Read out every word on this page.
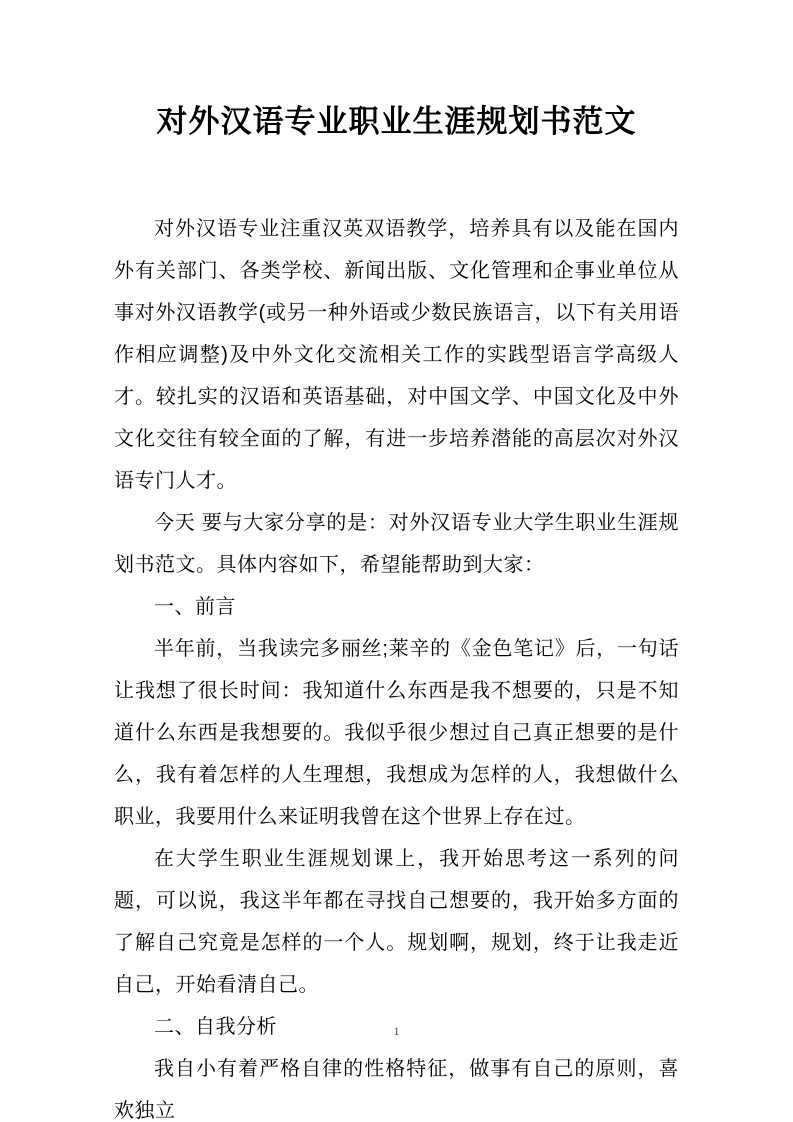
对外汉语专业职业生涯规划书范文

对外汉语专业注重汉英双语教学，培养具有以及能在国内外有关部门、各类学校、新闻出版、文化管理和企事业单位从事对外汉语教学(或另一种外语或少数民族语言，以下有关用语作相应调整)及中外文化交流相关工作的实践型语言学高级人才。较扎实的汉语和英语基础，对中国文学、中国文化及中外文化交往有较全面的了解，有进一步培养潜能的高层次对外汉语专门人才。

今天 要与大家分享的是：对外汉语专业大学生职业生涯规划书范文。具体内容如下，希望能帮助到大家：

一、前言

半年前，当我读完多丽丝;莱辛的《金色笔记》后，一句话让我想了很长时间：我知道什么东西是我不想要的，只是不知道什么东西是我想要的。我似乎很少想过自己真正想要的是什么，我有着怎样的人生理想，我想成为怎样的人，我想做什么职业，我要用什么来证明我曾在这个世界上存在过。

在大学生职业生涯规划课上，我开始思考这一系列的问题，可以说，我这半年都在寻找自己想要的，我开始多方面的了解自己究竟是怎样的一个人。规划啊，规划，终于让我走近自己，开始看清自己。

二、自我分析

我自小有着严格自律的性格特征，做事有自己的原则，喜欢独立

1
